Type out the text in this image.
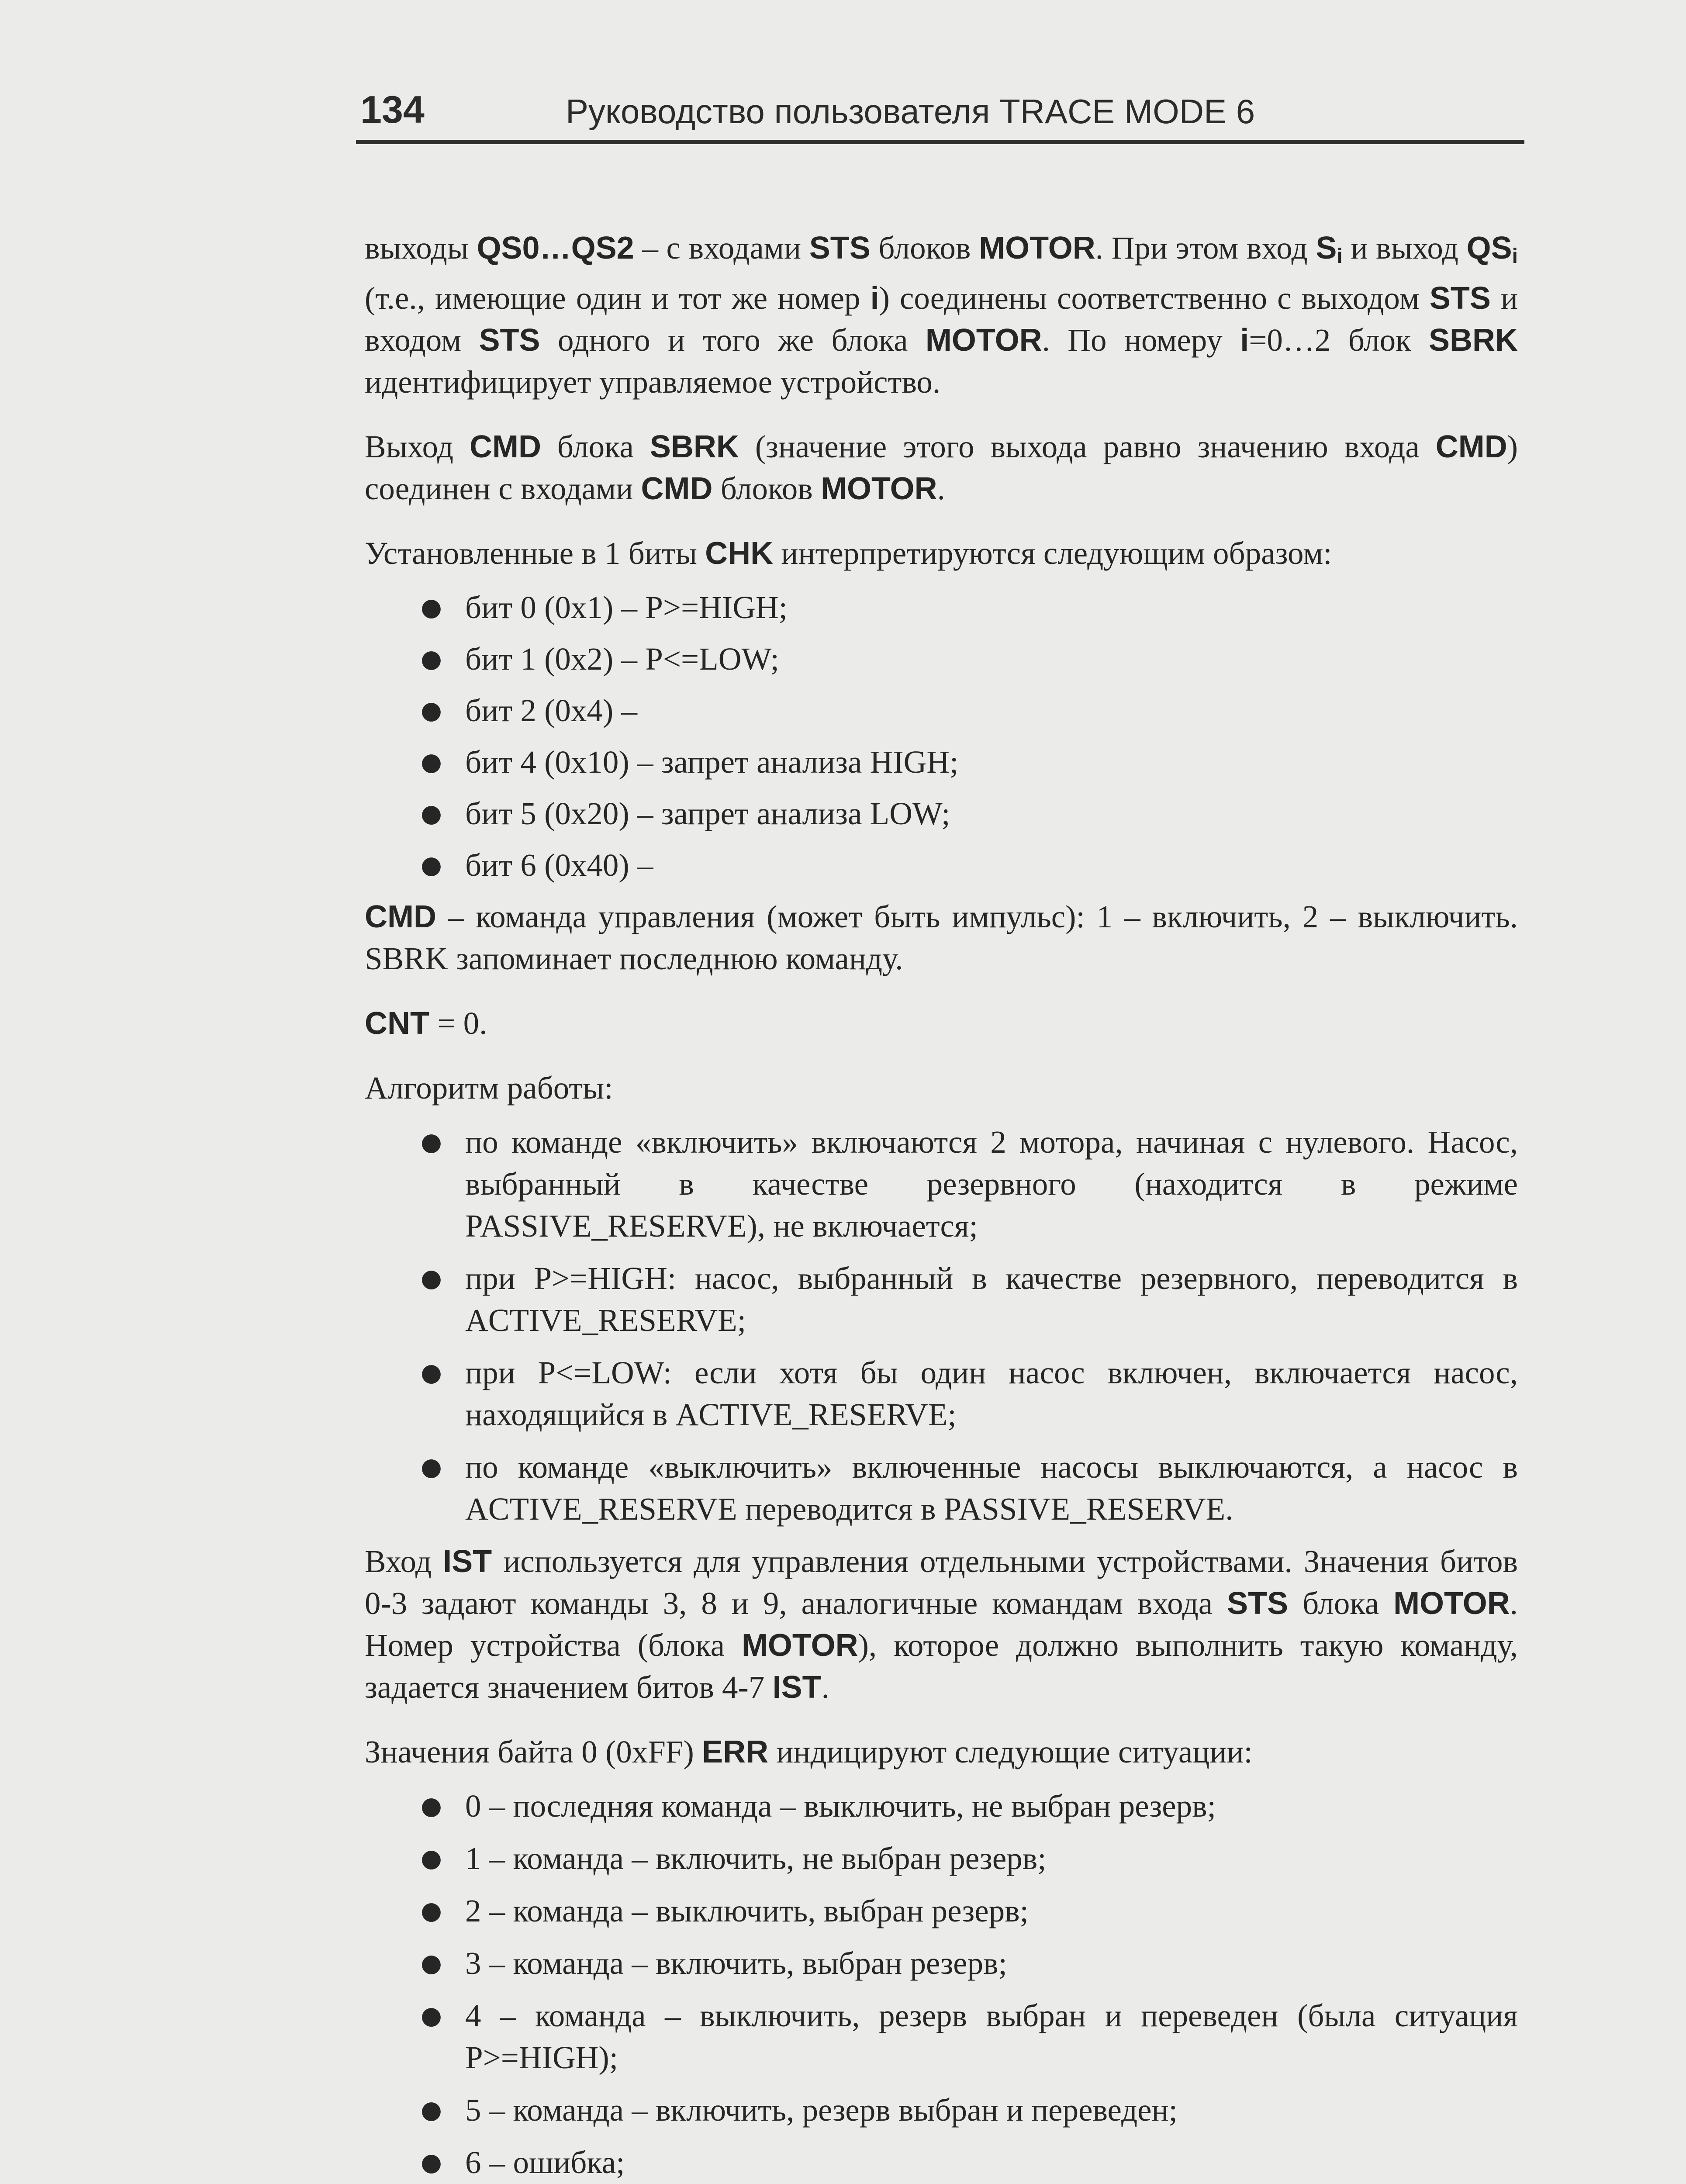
134	Руководство пользователя TRACE MODE 6

выходы QS0…QS2 – с входами STS блоков MOTOR. При этом вход $S_i$ и выход $QS_i$ (т.е., имеющие один и тот же номер i) соединены соответственно с выходом STS и входом STS одного и того же блока MOTOR. По номеру i=0…2 блок SBRK идентифицирует управляемое устройство.

Выход CMD блока SBRK (значение этого выхода равно значению входа CMD) соединен с входами CMD блоков MOTOR.

Установленные в 1 биты CHK интерпретируются следующим образом:

● бит 0 (0x1) – P>=HIGH;
● бит 1 (0x2) – P<=LOW;
● бит 2 (0x4) –
● бит 4 (0x10) – запрет анализа HIGH;
● бит 5 (0x20) – запрет анализа LOW;
● бит 6 (0x40) –

CMD – команда управления (может быть импульс): 1 – включить, 2 – выключить. SBRK запоминает последнюю команду.

CNT = 0.

Алгоритм работы:

● по команде «включить» включаются 2 мотора, начиная с нулевого. Насос, выбранный в качестве резервного (находится в режиме PASSIVE_RESERVE), не включается;
● при P>=HIGH: насос, выбранный в качестве резервного, переводится в ACTIVE_RESERVE;
● при P<=LOW: если хотя бы один насос включен, включается насос, находящийся в ACTIVE_RESERVE;
● по команде «выключить» включенные насосы выключаются, а насос в ACTIVE_RESERVE переводится в PASSIVE_RESERVE.

Вход IST используется для управления отдельными устройствами. Значения битов 0-3 задают команды 3, 8 и 9, аналогичные командам входа STS блока MOTOR. Номер устройства (блока MOTOR), которое должно выполнить такую команду, задается значением битов 4-7 IST.

Значения байта 0 (0xFF) ERR индицируют следующие ситуации:

● 0 – последняя команда – выключить, не выбран резерв;
● 1 – команда – включить, не выбран резерв;
● 2 – команда – выключить, выбран резерв;
● 3 – команда – включить, выбран резерв;
● 4 – команда – выключить, резерв выбран и переведен (была ситуация P>=HIGH);
● 5 – команда – включить, резерв выбран и переведен;
● 6 – ошибка;
